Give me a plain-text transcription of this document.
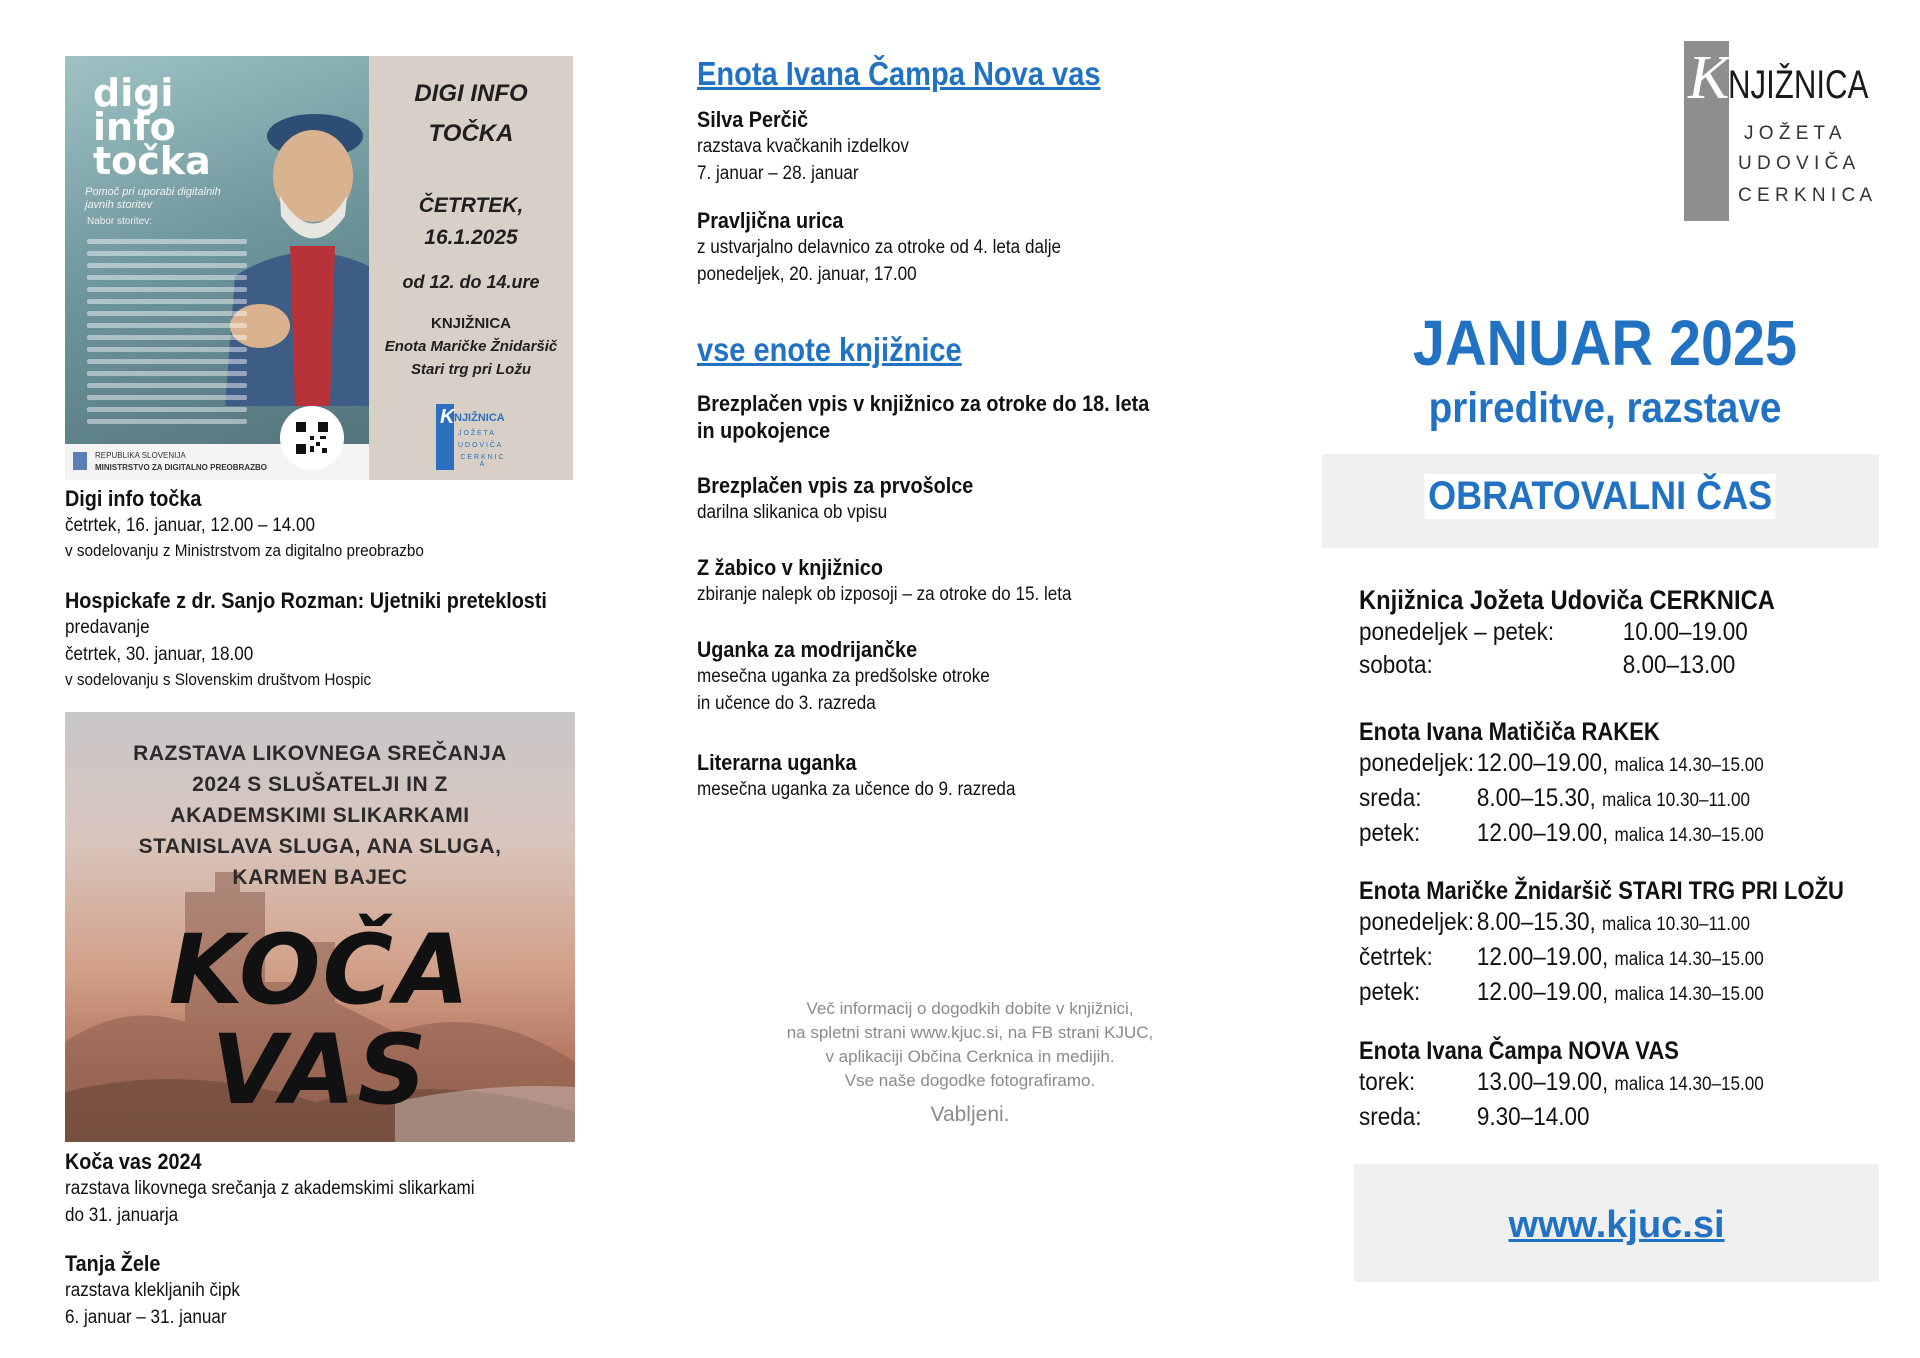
digi
info
točka
Pomoč pri uporabi digitalnih javnih storitev
Nabor storitev:
REPUBLIKA SLOVENIJA
MINISTRSTVO ZA DIGITALNO PREOBRAZBO
DIGI INFO TOČKA
ČETRTEK,
16.1.2025
od 12. do 14.ure
KNJIŽNICA
Enota Maričke Žnidaršič
Stari trg pri Ložu
K NJIŽNICA
J O Ž E T A
U D O V I Č A
C E R K N I C A
Digi info točka
četrtek, 16. januar, 12.00 – 14.00
v sodelovanju z Ministrstvom za digitalno preobrazbo
Hospickafe z dr. Sanjo Rozman: Ujetniki preteklosti
predavanje
četrtek, 30. januar, 18.00
v sodelovanju s Slovenskim društvom Hospic
RAZSTAVA LIKOVNEGA SREČANJA
2024 S SLUŠATELJI IN Z
AKADEMSKIMI SLIKARKAMI
STANISLAVA SLUGA, ANA SLUGA,
KARMEN BAJEC
KOČA
VAS
Koča vas 2024
razstava likovnega srečanja z akademskimi slikarkami
do 31. januarja
Tanja Žele
razstava klekljanih čipk
6. januar – 31. januar
Enota Ivana Čampa Nova vas
Silva Perčič
razstava kvačkanih izdelkov
7. januar – 28. januar
Pravljična urica
z ustvarjalno delavnico za otroke od 4. leta dalje
ponedeljek, 20. januar, 17.00
vse enote knjižnice
Brezplačen vpis v knjižnico za otroke do 18. leta
in upokojence
Brezplačen vpis za prvošolce
darilna slikanica ob vpisu
Z žabico v knjižnico
zbiranje nalepk ob izposoji – za otroke do 15. leta
Uganka za modrijančke
mesečna uganka za predšolske otroke
in učence do 3. razreda
Literarna uganka
mesečna uganka za učence do 9. razreda
Več informacij o dogodkih dobite v knjižnici,
na spletni strani www.kjuc.si, na FB strani KJUC,
v aplikaciji Občina Cerknica in medijih.
Vse naše dogodke fotografiramo.
Vabljeni.
K
NJIŽNICA
J O Ž E T A
U D O V I Č A
C E R K N I C A
JANUAR 2025
prireditve, razstave
OBRATOVALNI ČAS
Knjižnica Jožeta Udoviča CERKNICA
ponedeljek – petek:	10.00–19.00
sobota:	8.00–13.00
Enota Ivana Matičiča RAKEK
ponedeljek: 12.00–19.00, malica 14.30–15.00
sreda: 8.00–15.30, malica 10.30–11.00
petek: 12.00–19.00, malica 14.30–15.00
Enota Maričke Žnidaršič STARI TRG PRI LOŽU
ponedeljek: 8.00–15.30, malica 10.30–11.00
četrtek: 12.00–19.00, malica 14.30–15.00
petek: 12.00–19.00, malica 14.30–15.00
Enota Ivana Čampa NOVA VAS
torek: 13.00–19.00, malica 14.30–15.00
sreda: 9.30–14.00
www.kjuc.si
